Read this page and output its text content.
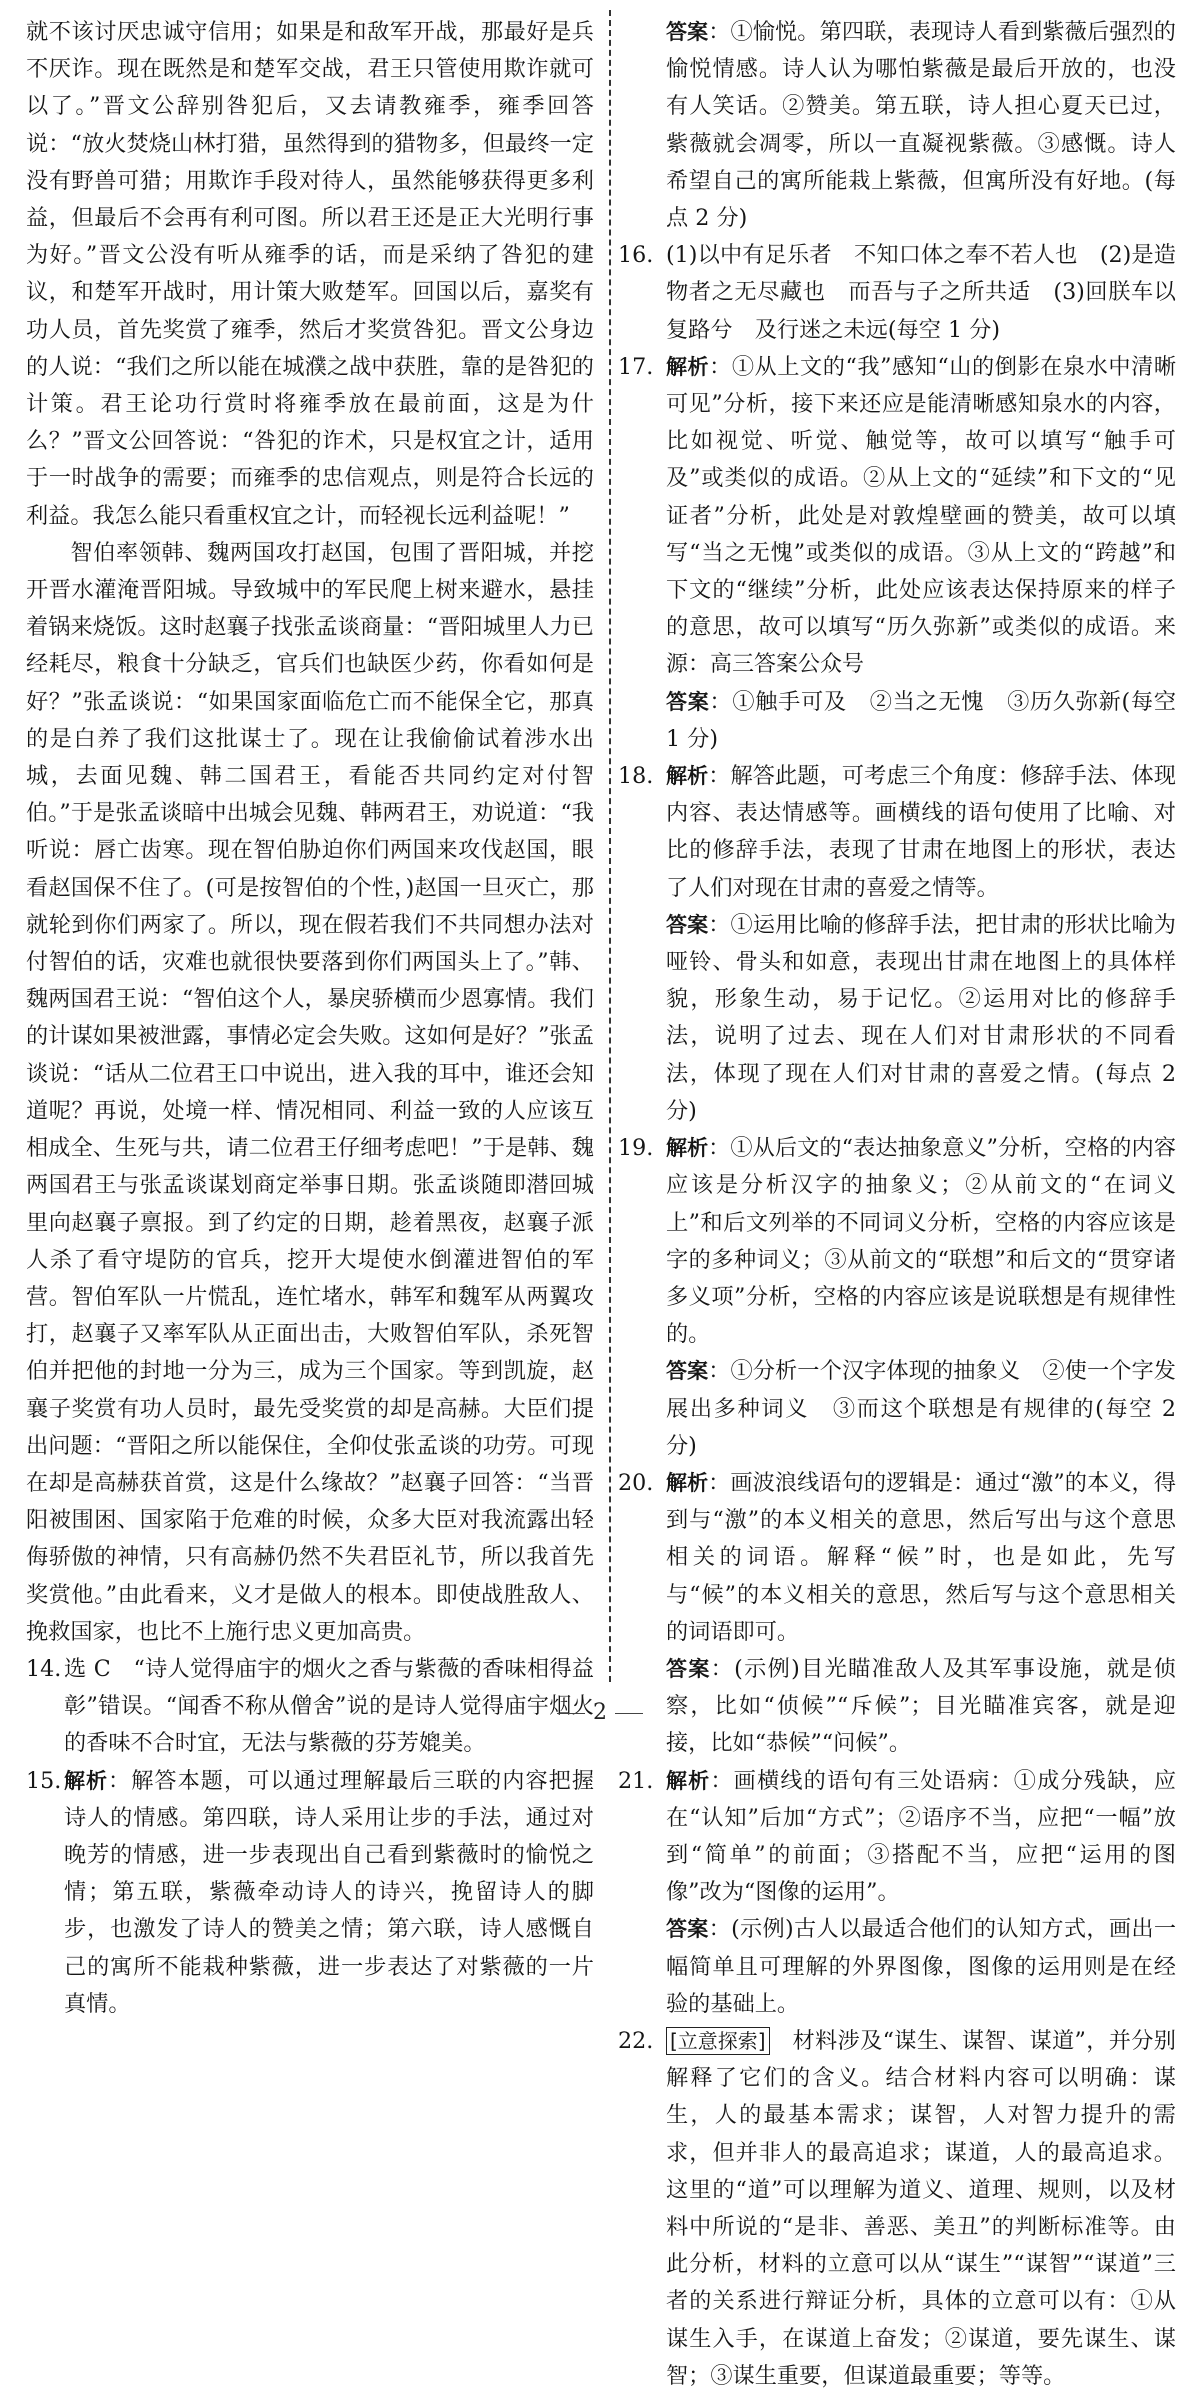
就不该讨厌忠诚守信用；如果是和敌军开战，那最好是兵不厌诈。现在既然是和楚军交战，君王只管使用欺诈就可以了。”晋文公辞别咎犯后，又去请教雍季，雍季回答说：“放火焚烧山林打猎，虽然得到的猎物多，但最终一定没有野兽可猎；用欺诈手段对待人，虽然能够获得更多利益，但最后不会再有利可图。所以君王还是正大光明行事为好。”晋文公没有听从雍季的话，而是采纳了咎犯的建议，和楚军开战时，用计策大败楚军。回国以后，嘉奖有功人员，首先奖赏了雍季，然后才奖赏咎犯。晋文公身边的人说：“我们之所以能在城濮之战中获胜，靠的是咎犯的计策。君王论功行赏时将雍季放在最前面，这是为什么？”晋文公回答说：“咎犯的诈术，只是权宜之计，适用于一时战争的需要；而雍季的忠信观点，则是符合长远的利益。我怎么能只看重权宜之计，而轻视长远利益呢！”

智伯率领韩、魏两国攻打赵国，包围了晋阳城，并挖开晋水灌淹晋阳城。导致城中的军民爬上树来避水，悬挂着锅来烧饭。这时赵襄子找张孟谈商量：“晋阳城里人力已经耗尽，粮食十分缺乏，官兵们也缺医少药，你看如何是好？”张孟谈说：“如果国家面临危亡而不能保全它，那真的是白养了我们这批谋士了。现在让我偷偷试着涉水出城，去面见魏、韩二国君王，看能否共同约定对付智伯。”于是张孟谈暗中出城会见魏、韩两君王，劝说道：“我听说：唇亡齿寒。现在智伯胁迫你们两国来攻伐赵国，眼看赵国保不住了。(可是按智伯的个性，)赵国一旦灭亡，那就轮到你们两家了。所以，现在假若我们不共同想办法对付智伯的话，灾难也就很快要落到你们两国头上了。”韩、魏两国君王说：“智伯这个人，暴戾骄横而少恩寡情。我们的计谋如果被泄露，事情必定会失败。这如何是好？”张孟谈说：“话从二位君王口中说出，进入我的耳中，谁还会知道呢？再说，处境一样、情况相同、利益一致的人应该互相成全、生死与共，请二位君王仔细考虑吧！”于是韩、魏两国君王与张孟谈谋划商定举事日期。张孟谈随即潜回城里向赵襄子禀报。到了约定的日期，趁着黑夜，赵襄子派人杀了看守堤防的官兵，挖开大堤使水倒灌进智伯的军营。智伯军队一片慌乱，连忙堵水，韩军和魏军从两翼攻打，赵襄子又率军队从正面出击，大败智伯军队，杀死智伯并把他的封地一分为三，成为三个国家。等到凯旋，赵襄子奖赏有功人员时，最先受奖赏的却是高赫。大臣们提出问题：“晋阳之所以能保住，全仰仗张孟谈的功劳。可现在却是高赫获首赏，这是什么缘故？”赵襄子回答：“当晋阳被围困、国家陷于危难的时候，众多大臣对我流露出轻侮骄傲的神情，只有高赫仍然不失君臣礼节，所以我首先奖赏他。”由此看来，义才是做人的根本。即使战胜敌人、挽救国家，也比不上施行忠义更加高贵。

14. 选 C　“诗人觉得庙宇的烟火之香与紫薇的香味相得益彰”错误。“闻香不称从僧舍”说的是诗人觉得庙宇烟火的香味不合时宜，无法与紫薇的芬芳媲美。
15. 解析：解答本题，可以通过理解最后三联的内容把握诗人的情感。第四联，诗人采用让步的手法，通过对晚芳的情感，进一步表现出自己看到紫薇时的愉悦之情；第五联，紫薇牵动诗人的诗兴，挽留诗人的脚步，也激发了诗人的赞美之情；第六联，诗人感慨自己的寓所不能栽种紫薇，进一步表达了对紫薇的一片真情。
答案：①愉悦。第四联，表现诗人看到紫薇后强烈的愉悦情感。诗人认为哪怕紫薇是最后开放的，也没有人笑话。②赞美。第五联，诗人担心夏天已过，紫薇就会凋零，所以一直凝视紫薇。③感慨。诗人希望自己的寓所能栽上紫薇，但寓所没有好地。(每点 2 分)
16. (1)以中有足乐者　不知口体之奉不若人也　(2)是造物者之无尽藏也　而吾与子之所共适　(3)回朕车以复路兮　及行迷之未远(每空 1 分)
17. 解析：①从上文的“我”感知“山的倒影在泉水中清晰可见”分析，接下来还应是能清晰感知泉水的内容，比如视觉、听觉、触觉等，故可以填写“触手可及”或类似的成语。②从上文的“延续”和下文的“见证者”分析，此处是对敦煌壁画的赞美，故可以填写“当之无愧”或类似的成语。③从上文的“跨越”和下文的“继续”分析，此处应该表达保持原来的样子的意思，故可以填写“历久弥新”或类似的成语。来源：高三答案公众号
答案：①触手可及　②当之无愧　③历久弥新(每空 1 分)
18. 解析：解答此题，可考虑三个角度：修辞手法、体现内容、表达情感等。画横线的语句使用了比喻、对比的修辞手法，表现了甘肃在地图上的形状，表达了人们对现在甘肃的喜爱之情等。
答案：①运用比喻的修辞手法，把甘肃的形状比喻为哑铃、骨头和如意，表现出甘肃在地图上的具体样貌，形象生动，易于记忆。②运用对比的修辞手法，说明了过去、现在人们对甘肃形状的不同看法，体现了现在人们对甘肃的喜爱之情。(每点 2 分)
19. 解析：①从后文的“表达抽象意义”分析，空格的内容应该是分析汉字的抽象义；②从前文的“在词义上”和后文列举的不同词义分析，空格的内容应该是字的多种词义；③从前文的“联想”和后文的“贯穿诸多义项”分析，空格的内容应该是说联想是有规律性的。
答案：①分析一个汉字体现的抽象义　②使一个字发展出多种词义　③而这个联想是有规律的(每空 2 分)
20. 解析：画波浪线语句的逻辑是：通过“激”的本义，得到与“激”的本义相关的意思，然后写出与这个意思相关的词语。解释“候”时，也是如此，先写与“候”的本义相关的意思，然后写与这个意思相关的词语即可。
答案：(示例)目光瞄准敌人及其军事设施，就是侦察，比如“侦候”“斥候”；目光瞄准宾客，就是迎接，比如“恭候”“问候”。
21. 解析：画横线的语句有三处语病：①成分残缺，应在“认知”后加“方式”；②语序不当，应把“一幅”放到“简单”的前面；③搭配不当，应把“运用的图像”改为“图像的运用”。
答案：(示例)古人以最适合他们的认知方式，画出一幅简单且可理解的外界图像，图像的运用则是在经验的基础上。
22. [立意探索]　材料涉及“谋生、谋智、谋道”，并分别解释了它们的含义。结合材料内容可以明确：谋生，人的最基本需求；谋智，人对智力提升的需求，但并非人的最高追求；谋道，人的最高追求。这里的“道”可以理解为道义、道理、规则，以及材料中所说的“是非、善恶、美丑”的判断标准等。由此分析，材料的立意可以从“谋生”“谋智”“谋道”三者的关系进行辩证分析，具体的立意可以有：①从谋生入手，在谋道上奋发；②谋道，要先谋生、谋智；③谋生重要，但谋道最重要；等等。
2
